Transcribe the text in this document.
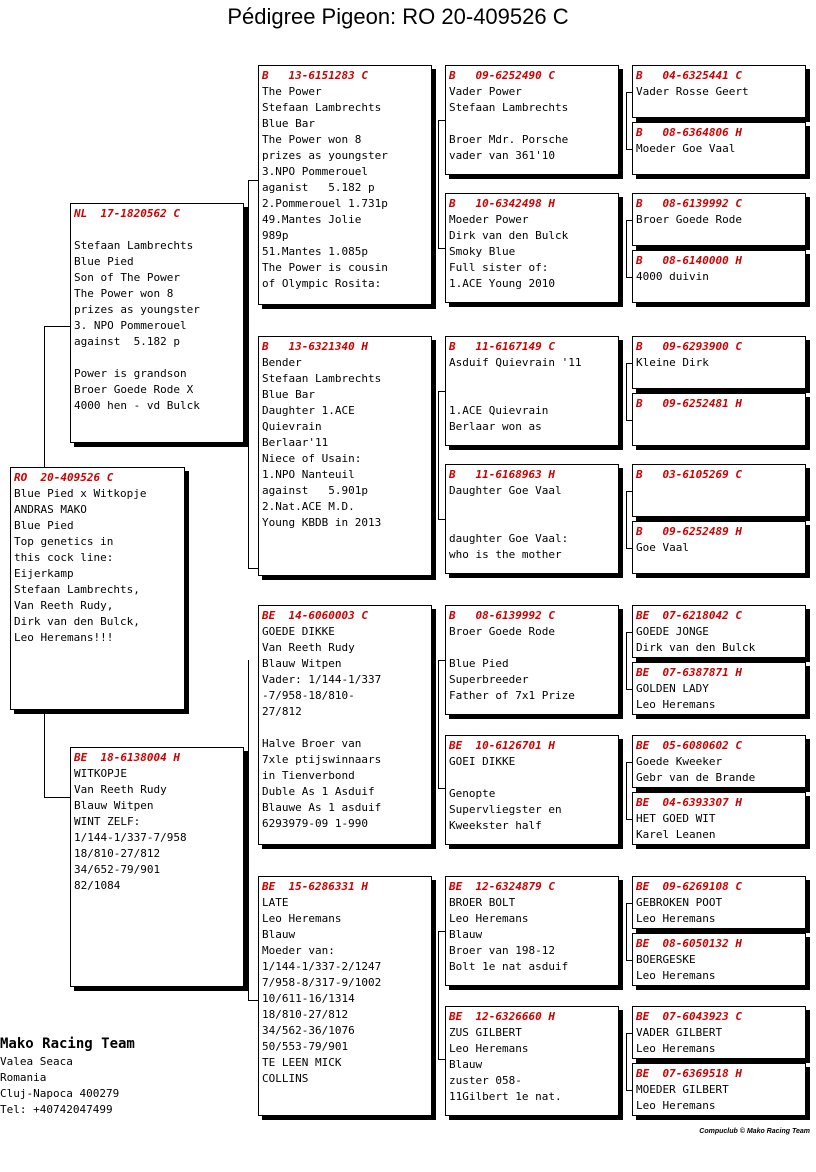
Pédigree Pigeon: RO 20-409526 C
RO  20-409526 C
Blue Pied x Witkopje
ANDRAS MAKO
Blue Pied
Top genetics in
this cock line:
Eijerkamp
Stefaan Lambrechts,
Van Reeth Rudy,
Dirk van den Bulck,
Leo Heremans!!!
NL  17-1820562 C
Stefaan Lambrechts
Blue Pied
Son of The Power
The Power won 8
prizes as youngster
3. NPO Pommerouel
against  5.182 p
Power is grandson
Broer Goede Rode X
4000 hen - vd Bulck
BE  18-6138004 H
WITKOPJE
Van Reeth Rudy
Blauw Witpen
WINT ZELF:
1/144-1/337-7/958
18/810-27/812
34/652-79/901
82/1084
B   13-6151283 C
The Power
Stefaan Lambrechts
Blue Bar
The Power won 8
prizes as youngster
3.NPO Pommerouel
aganist   5.182 p
2.Pommerouel 1.731p
49.Mantes Jolie
989p
51.Mantes 1.085p
The Power is cousin
of Olympic Rosita:
B   13-6321340 H
Bender
Stefaan Lambrechts
Blue Bar
Daughter 1.ACE
Quievrain
Berlaar'11
Niece of Usain:
1.NPO Nanteuil
against   5.901p
2.Nat.ACE M.D.
Young KBDB in 2013
BE  14-6060003 C
GOEDE DIKKE
Van Reeth Rudy
Blauw Witpen
Vader: 1/144-1/337
-7/958-18/810-
27/812
Halve Broer van
7xle ptijswinnaars
in Tienverbond
Duble As 1 Asduif
Blauwe As 1 asduif
6293979-09 1-990
BE  15-6286331 H
LATE
Leo Heremans
Blauw
Moeder van:
1/144-1/337-2/1247
7/958-8/317-9/1002
10/611-16/1314
18/810-27/812
34/562-36/1076
50/553-79/901
TE LEEN MICK
COLLINS
B   09-6252490 C
Vader Power
Stefaan Lambrechts
Broer Mdr. Porsche
vader van 361'10
B   10-6342498 H
Moeder Power
Dirk van den Bulck
Smoky Blue
Full sister of:
1.ACE Young 2010
B   11-6167149 C
Asduif Quievrain '11
1.ACE Quievrain
Berlaar won as
B   11-6168963 H
Daughter Goe Vaal
daughter Goe Vaal:
who is the mother
B   08-6139992 C
Broer Goede Rode
Blue Pied
Superbreeder
Father of 7x1 Prize
BE  10-6126701 H
GOEI DIKKE
Genopte
Supervliegster en
Kweekster half
BE  12-6324879 C
BROER BOLT
Leo Heremans
Blauw
Broer van 198-12
Bolt 1e nat asduif
BE  12-6326660 H
ZUS GILBERT
Leo Heremans
Blauw
zuster 058-
11Gilbert 1e nat.
B   04-6325441 C
Vader Rosse Geert
B   08-6364806 H
Moeder Goe Vaal
B   08-6139992 C
Broer Goede Rode
B   08-6140000 H
4000 duivin
B   09-6293900 C
Kleine Dirk
B   09-6252481 H
B   03-6105269 C
B   09-6252489 H
Goe Vaal
BE  07-6218042 C
GOEDE JONGE
Dirk van den Bulck
BE  07-6387871 H
GOLDEN LADY
Leo Heremans
BE  05-6080602 C
Goede Kweeker
Gebr van de Brande
BE  04-6393307 H
HET GOED WIT
Karel Leanen
BE  09-6269108 C
GEBROKEN POOT
Leo Heremans
BE  08-6050132 H
BOERGESKE
Leo Heremans
BE  07-6043923 C
VADER GILBERT
Leo Heremans
BE  07-6369518 H
MOEDER GILBERT
Leo Heremans
Mako Racing Team
Valea Seaca
Romania
Cluj-Napoca 400279
Tel: +40742047499
Compuclub © Mako Racing Team
